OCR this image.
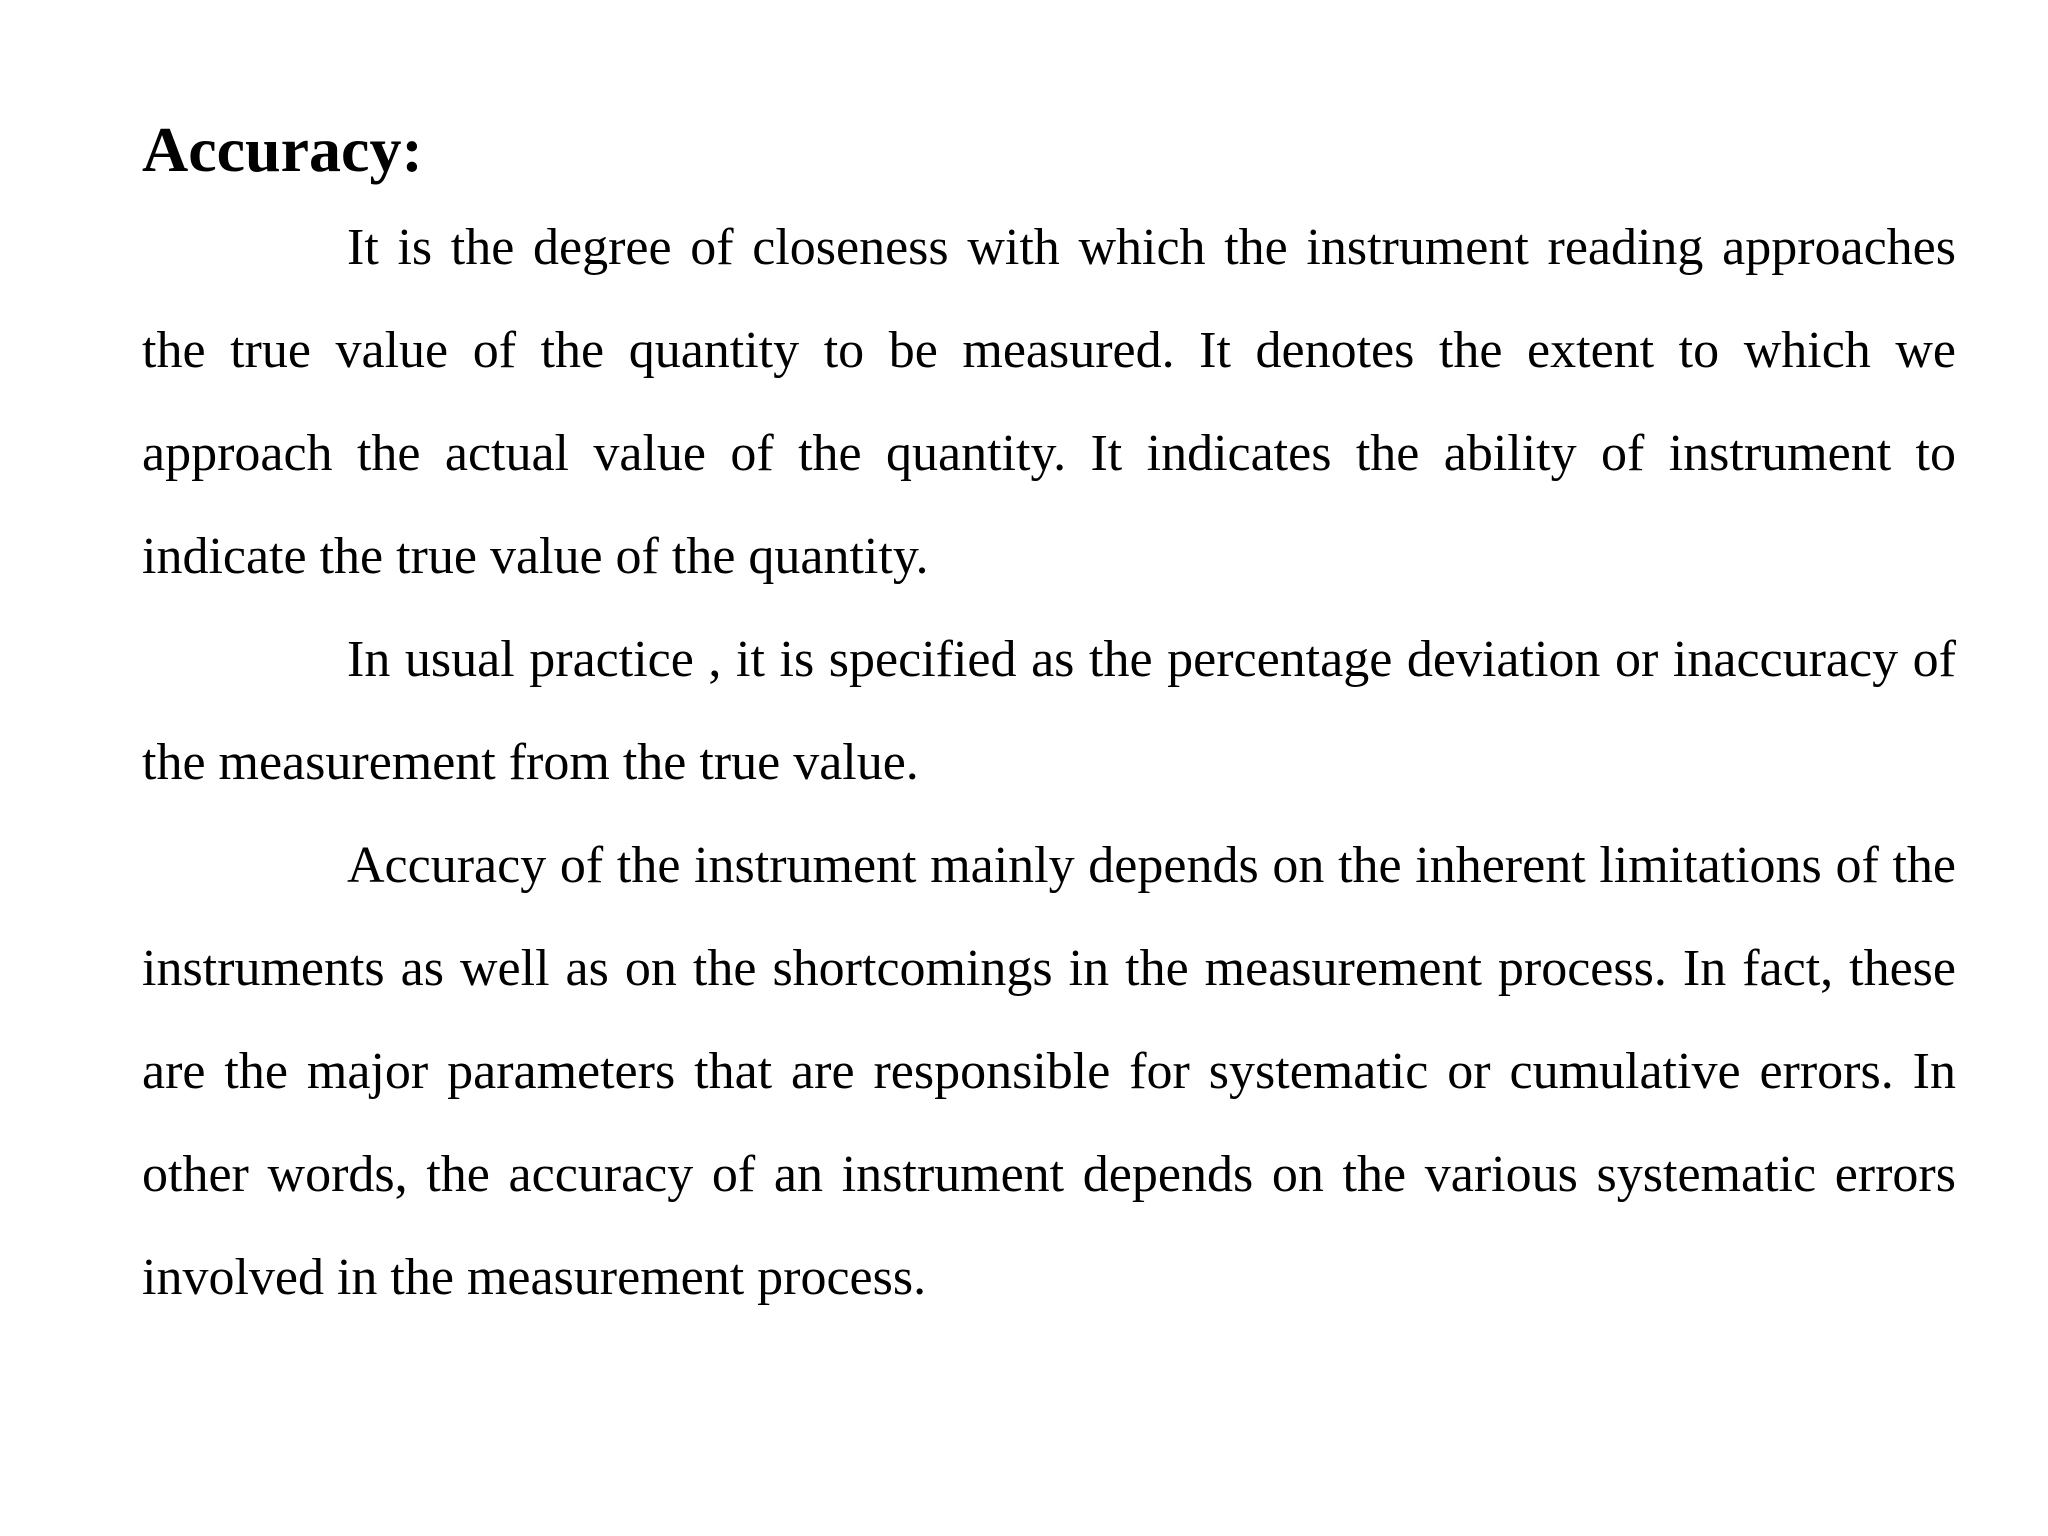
Accuracy:

It is the degree of closeness with which the instrument reading approaches the true value of the quantity to be measured. It denotes the extent to which we approach the actual value of the quantity. It indicates the ability of instrument to indicate the true value of the quantity.

In usual practice , it is specified as the percentage deviation or inaccuracy of the measurement from the true value.

Accuracy of the instrument mainly depends on the inherent limitations of the instruments as well as on the shortcomings in the measurement process. In fact, these are the major parameters that are responsible for systematic or cumulative errors. In other words, the accuracy of an instrument depends on the various systematic errors involved in the measurement process.
